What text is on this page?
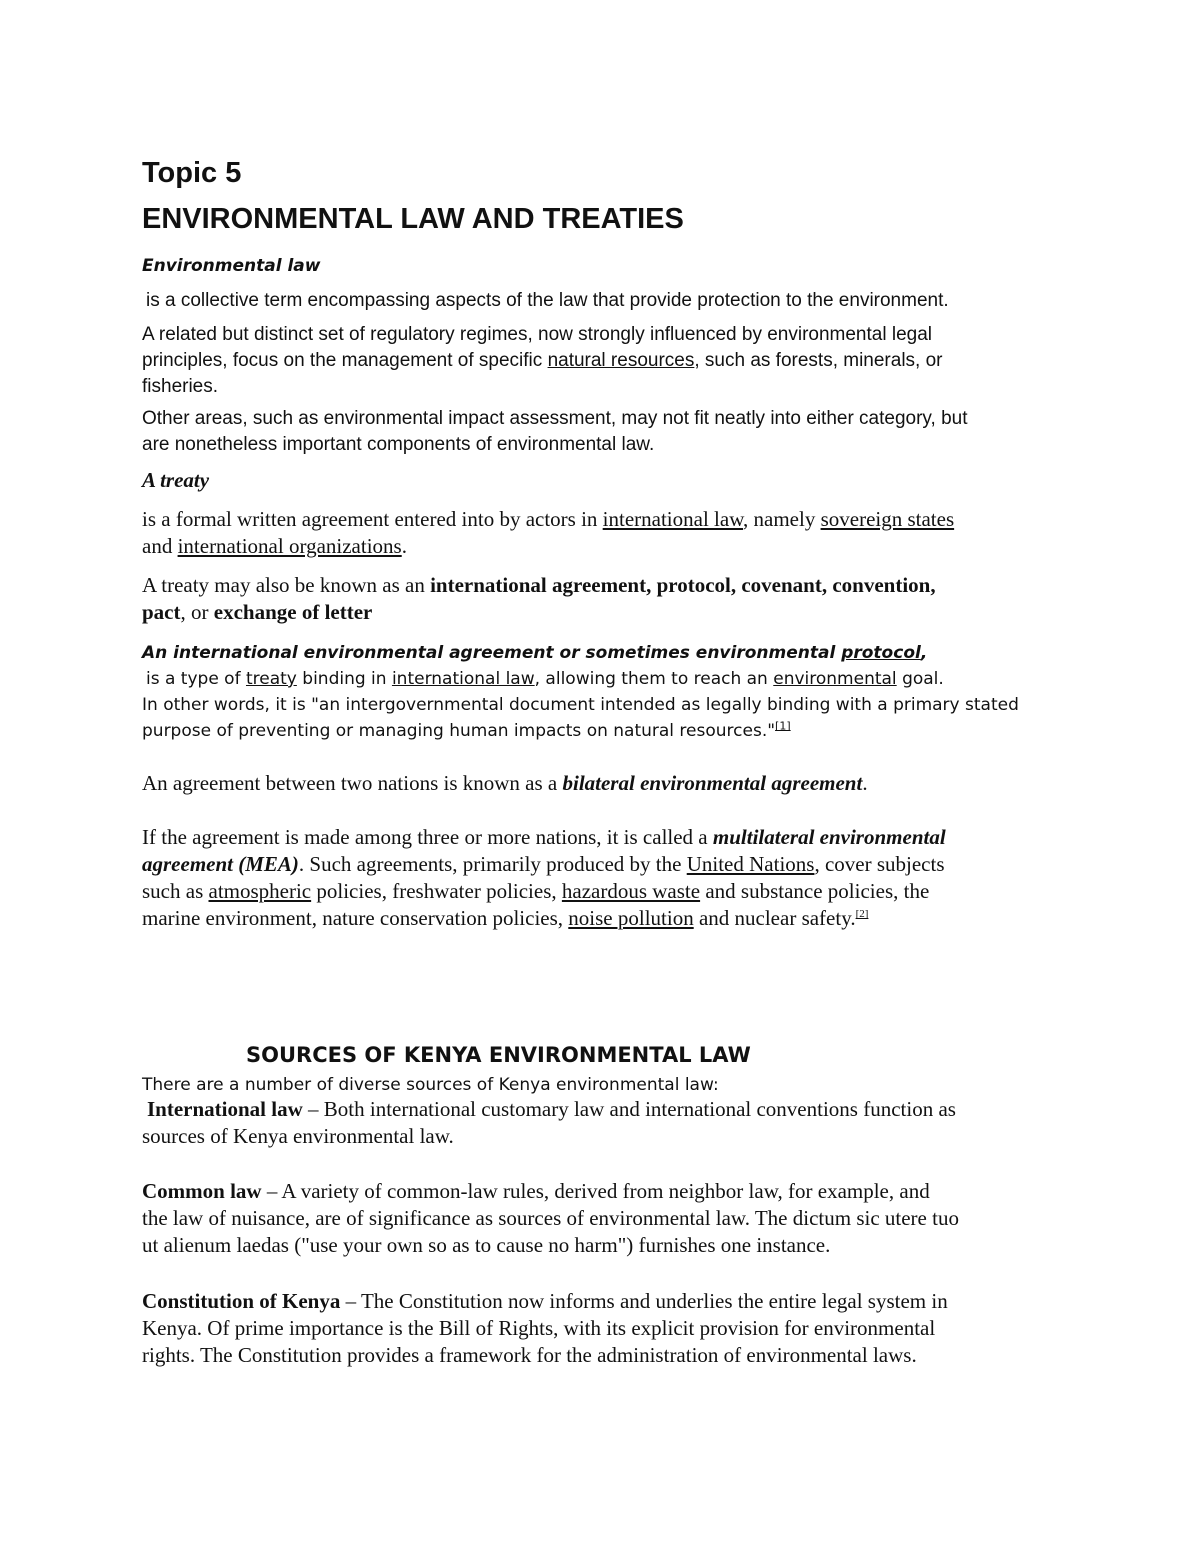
Topic 5
ENVIRONMENTAL LAW AND TREATIES
Environmental law
is a collective term encompassing aspects of the law that provide protection to the environment.
A related but distinct set of regulatory regimes, now strongly influenced by environmental legal
principles, focus on the management of specific natural resources, such as forests, minerals, or
fisheries.
Other areas, such as environmental impact assessment, may not fit neatly into either category, but
are nonetheless important components of environmental law.
A treaty
is a formal written agreement entered into by actors in international law, namely sovereign states
and international organizations.
A treaty may also be known as an international agreement, protocol, covenant, convention,
pact, or exchange of letter
An international environmental agreement or sometimes environmental protocol,
is a type of treaty binding in international law, allowing them to reach an environmental goal.
In other words, it is "an intergovernmental document intended as legally binding with a primary stated
purpose of preventing or managing human impacts on natural resources."[1]
An agreement between two nations is known as a bilateral environmental agreement.
If the agreement is made among three or more nations, it is called a multilateral environmental
agreement (MEA). Such agreements, primarily produced by the United Nations, cover subjects
such as atmospheric policies, freshwater policies, hazardous waste and substance policies, the
marine environment, nature conservation policies, noise pollution and nuclear safety.[2]
SOURCES OF KENYA ENVIRONMENTAL LAW
There are a number of diverse sources of Kenya environmental law:
International law – Both international customary law and international conventions function as
sources of Kenya environmental law.
Common law – A variety of common-law rules, derived from neighbor law, for example, and
the law of nuisance, are of significance as sources of environmental law. The dictum sic utere tuo
ut alienum laedas ("use your own so as to cause no harm") furnishes one instance.
Constitution of Kenya – The Constitution now informs and underlies the entire legal system in
Kenya. Of prime importance is the Bill of Rights, with its explicit provision for environmental
rights. The Constitution provides a framework for the administration of environmental laws.
